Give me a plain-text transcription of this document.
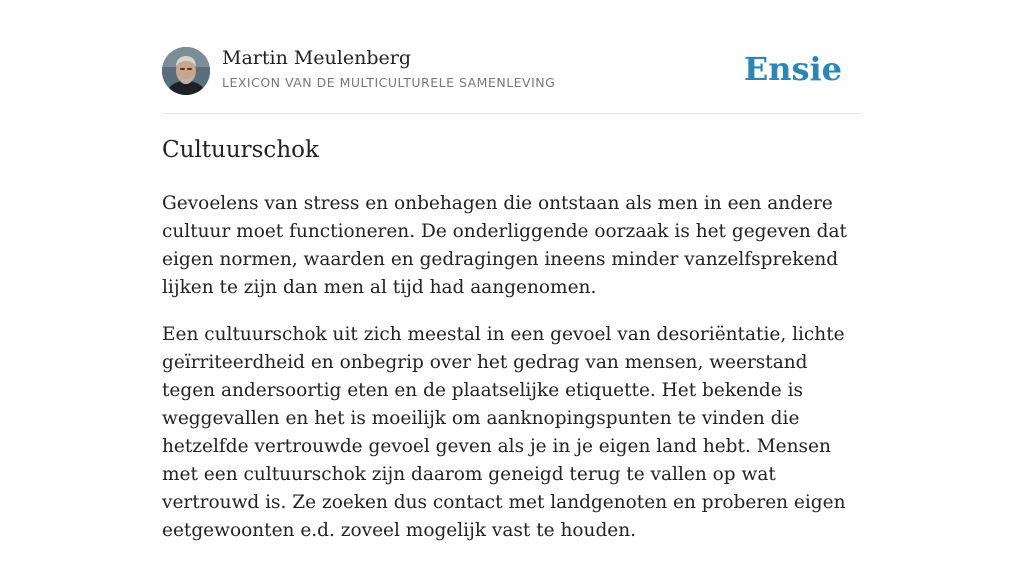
Martin Meulenberg
LEXICON VAN DE MULTICULTURELE SAMENLEVING	Ensie
Cultuurschok

Gevoelens van stress en onbehagen die ontstaan als men in een andere cultuur moet functioneren. De onderliggende oorzaak is het gegeven dat eigen normen, waarden en gedragingen ineens minder vanzelfsprekend lijken te zijn dan men al tijd had aangenomen.

Een cultuurschok uit zich meestal in een gevoel van desoriëntatie, lichte geïrriteerdheid en onbegrip over het gedrag van mensen, weerstand tegen andersoortig eten en de plaatselijke etiquette. Het bekende is weggevallen en het is moeilijk om aanknopingspunten te vinden die hetzelfde vertrouwde gevoel geven als je in je eigen land hebt. Mensen met een cultuurschok zijn daarom geneigd terug te vallen op wat vertrouwd is. Ze zoeken dus contact met landgenoten en proberen eigen eetgewoonten e.d. zoveel mogelijk vast te houden.
